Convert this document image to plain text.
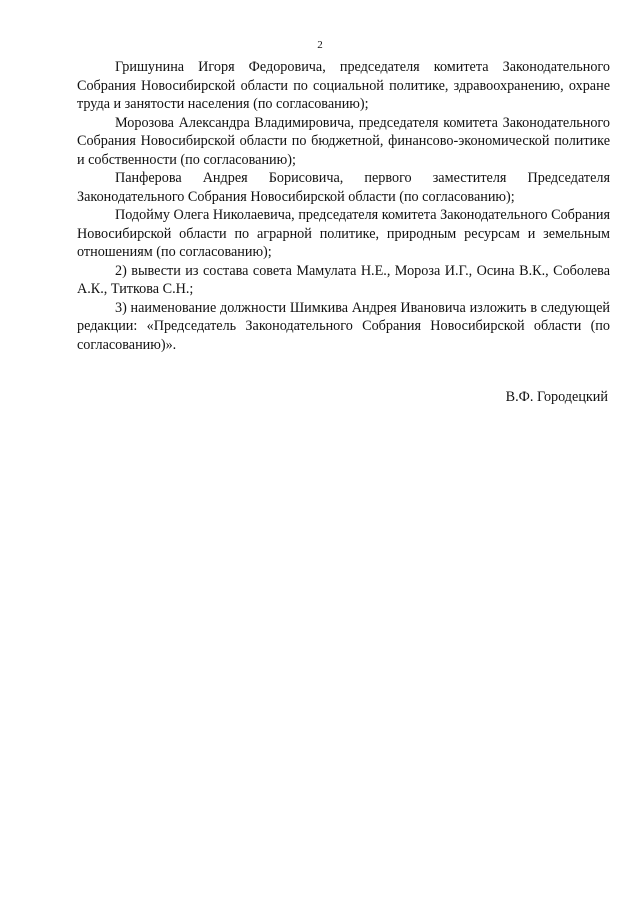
2

Гришунина Игоря Федоровича, председателя комитета Законодательного Собрания Новосибирской области по социальной политике, здравоохранению, охране труда и занятости населения (по согласованию);

Морозова Александра Владимировича, председателя комитета Законодательного Собрания Новосибирской области по бюджетной, финансово-экономической политике и собственности (по согласованию);

Панферова Андрея Борисовича, первого заместителя Председателя Законодательного Собрания Новосибирской области (по согласованию);

Подойму Олега Николаевича, председателя комитета Законодательного Собрания Новосибирской области по аграрной политике, природным ресурсам и земельным отношениям (по согласованию);

2) вывести из состава совета Мамулата Н.Е., Мороза И.Г., Осина В.К., Соболева А.К., Титкова С.Н.;

3) наименование должности Шимкива Андрея Ивановича изложить в следующей редакции: «Председатель Законодательного Собрания Новосибирской области (по согласованию)».

В.Ф. Городецкий
